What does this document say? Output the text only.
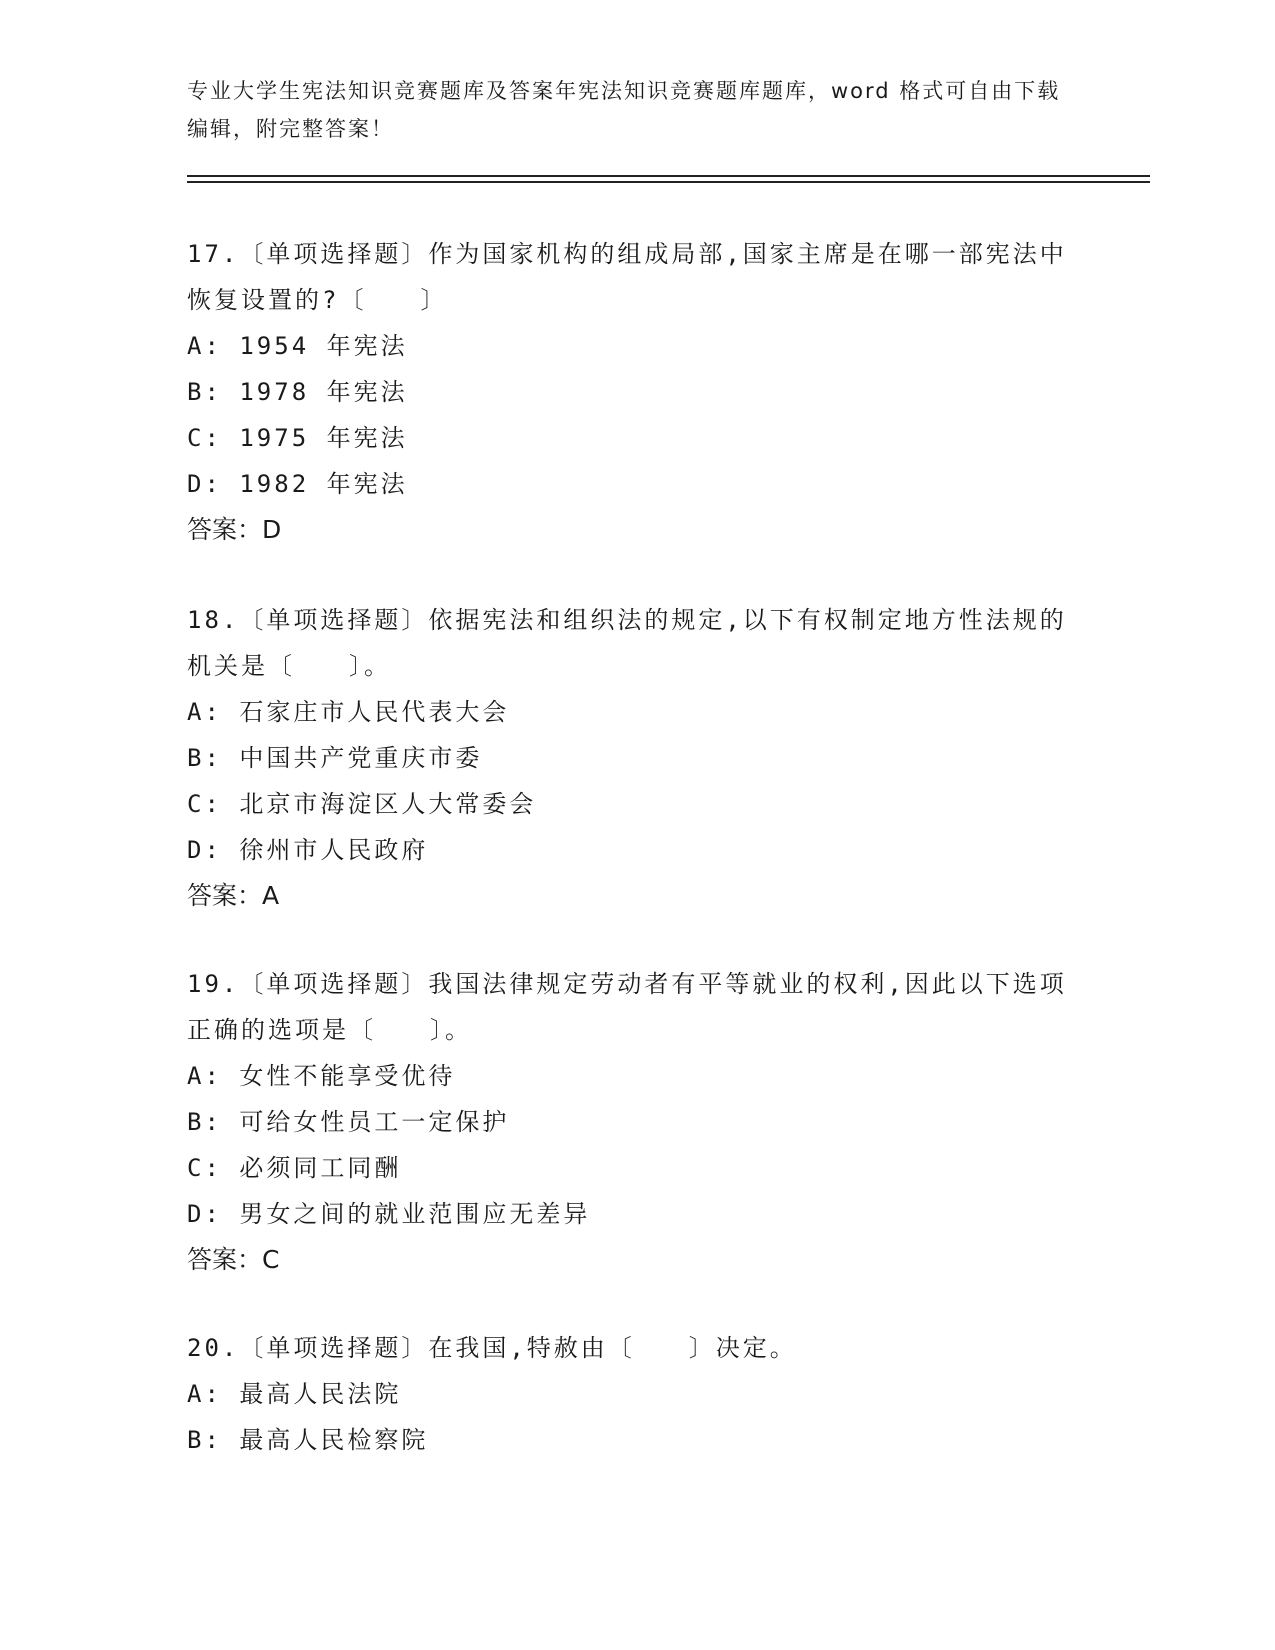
专业大学生宪法知识竞赛题库及答案年宪法知识竞赛题库题库，word 格式可自由下载编辑，附完整答案！
17.〔单项选择题〕作为国家机构的组成局部,国家主席是在哪一部宪法中恢复设置的?〔　　〕
A: 1954 年宪法
B: 1978 年宪法
C: 1975 年宪法
D: 1982 年宪法
答案：D
18.〔单项选择题〕依据宪法和组织法的规定,以下有权制定地方性法规的机关是〔　　〕。
A: 石家庄市人民代表大会
B: 中国共产党重庆市委
C: 北京市海淀区人大常委会
D: 徐州市人民政府
答案：A
19.〔单项选择题〕我国法律规定劳动者有平等就业的权利,因此以下选项正确的选项是〔　　〕。
A: 女性不能享受优待
B: 可给女性员工一定保护
C: 必须同工同酬
D: 男女之间的就业范围应无差异
答案：C
20.〔单项选择题〕在我国,特赦由〔　　〕决定。
A: 最高人民法院
B: 最高人民检察院
